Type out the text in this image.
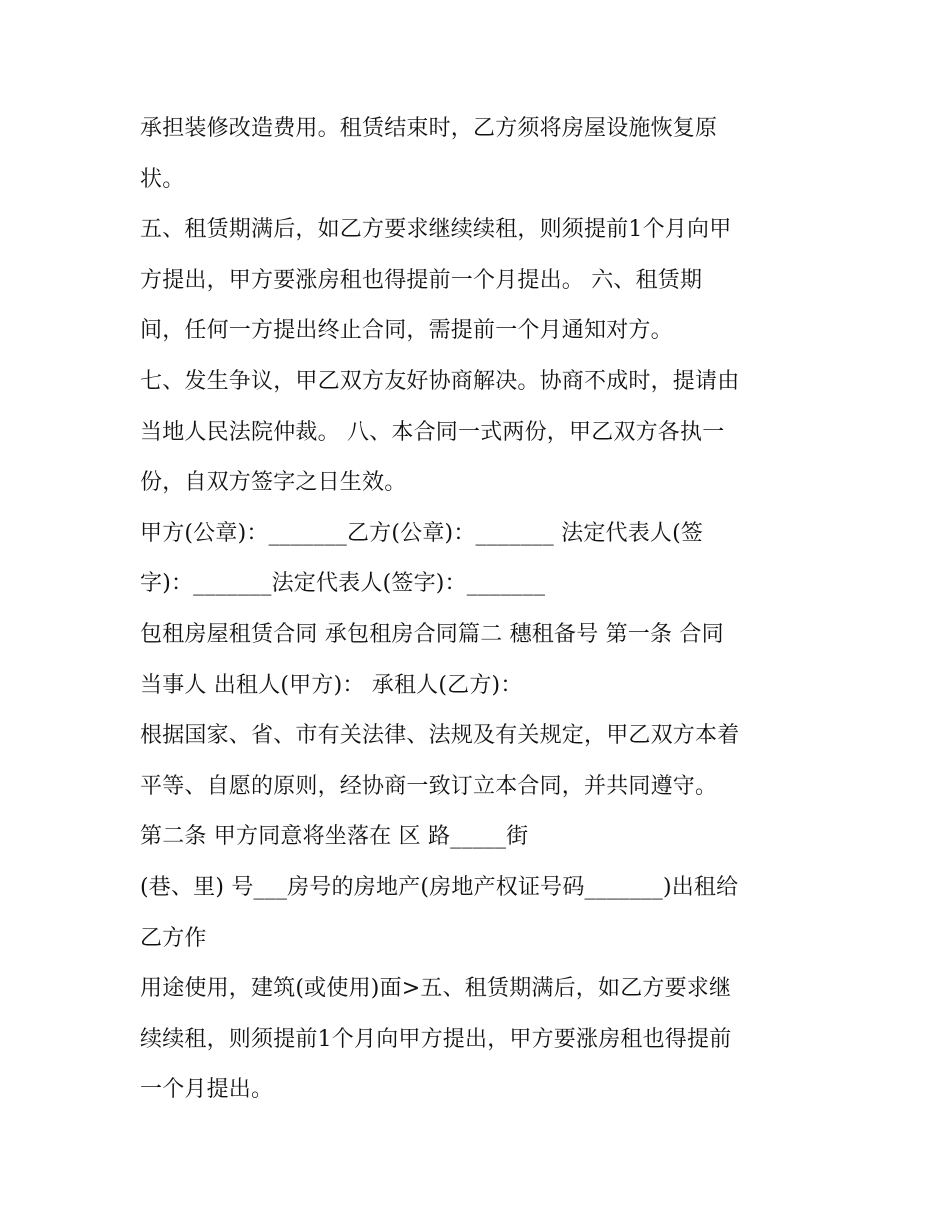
承担装修改造费用。租赁结束时，乙方须将房屋设施恢复原
状。
五、租赁期满后，如乙方要求继续续租，则须提前1个月向甲
方提出，甲方要涨房租也得提前一个月提出。 六、租赁期
间，任何一方提出终止合同，需提前一个月通知对方。
七、发生争议，甲乙双方友好协商解决。协商不成时，提请由
当地人民法院仲裁。 八、本合同一式两份，甲乙双方各执一
份，自双方签字之日生效。
甲方(公章)：_______乙方(公章)：_______ 法定代表人(签
字)：_______法定代表人(签字)：_______
包租房屋租赁合同 承包租房合同篇二 穗租备号 第一条 合同
当事人 出租人(甲方)： 承租人(乙方)：
根据国家、省、市有关法律、法规及有关规定，甲乙双方本着
平等、自愿的原则，经协商一致订立本合同，并共同遵守。
第二条 甲方同意将坐落在 区 路_____街
(巷、里) 号___房号的房地产(房地产权证号码_______)出租给
乙方作
用途使用，建筑(或使用)面>五、租赁期满后，如乙方要求继
续续租，则须提前1个月向甲方提出，甲方要涨房租也得提前
一个月提出。
